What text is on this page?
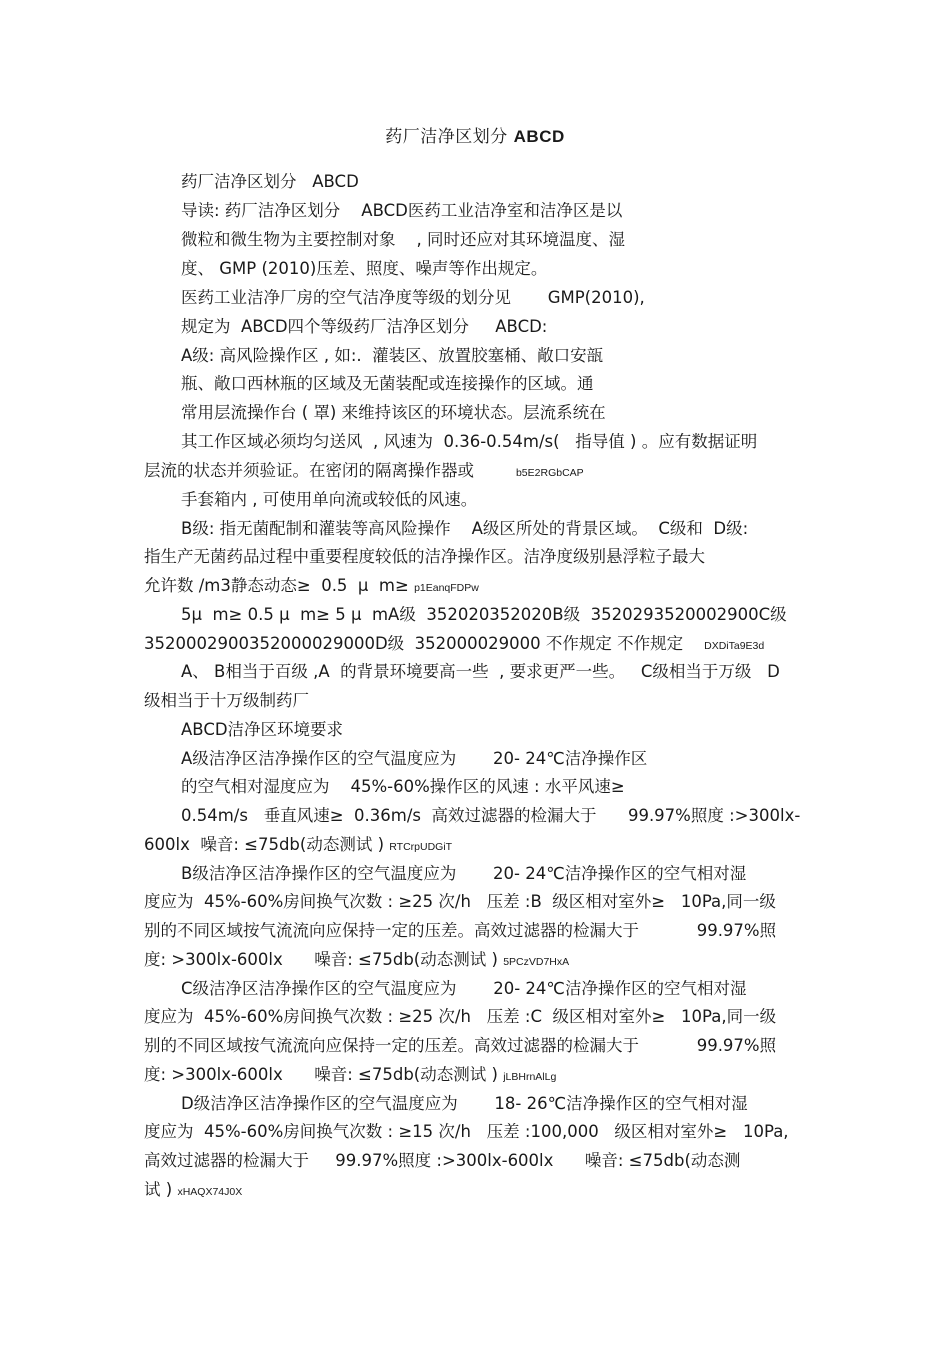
药厂洁净区划分 ABCD
药厂洁净区划分   ABCD
导读: 药厂洁净区划分    ABCD医药工业洁净室和洁净区是以
微粒和微生物为主要控制对象    , 同时还应对其环境温度、湿
度、 GMP (2010)压差、照度、噪声等作出规定。
医药工业洁净厂房的空气洁净度等级的划分见       GMP(2010),
规定为  ABCD四个等级药厂洁净区划分     ABCD:
A级: 高风险操作区 , 如:.  灌装区、放置胶塞桶、敞口安瓿
瓶、敞口西林瓶的区域及无菌装配或连接操作的区域。通
常用层流操作台 ( 罩) 来维持该区的环境状态。层流系统在
其工作区域必须均匀送风  , 风速为  0.36-0.54m/s(   指导值 ) 。应有数据证明
层流的状态并须验证。在密闭的隔离操作器或	b5E2RGbCAP
手套箱内 , 可使用单向流或较低的风速。
B级: 指无菌配制和灌装等高风险操作    A级区所处的背景区域。  C级和  D级:
指生产无菌药品过程中重要程度较低的洁净操作区。洁净度级别悬浮粒子最大
允许数 /m3静态动态≥  0.5  μ  m≥ p1EanqFDPw
5μ  m≥ 0.5 μ  m≥ 5 μ  mA级  352020352020B级  3520293520002900C级
3520002900352000029000D级  352000029000 不作规定 不作规定 DXDiTa9E3d
A、 B相当于百级 ,A  的背景环境要高一些  , 要求更严一些。   C级相当于万级   D
级相当于十万级制药厂
ABCD洁净区环境要求
A级洁净区洁净操作区的空气温度应为       20- 24℃洁净操作区
的空气相对湿度应为    45%-60%操作区的风速 : 水平风速≥
0.54m/s   垂直风速≥  0.36m/s  高效过滤器的检漏大于      99.97%照度 :>300lx-
600lx  噪音: ≤75db(动态测试 ) RTCrpUDGiT
B级洁净区洁净操作区的空气温度应为       20- 24℃洁净操作区的空气相对湿
度应为  45%-60%房间换气次数 : ≥25 次/h   压差 :B  级区相对室外≥   10Pa,同一级
别的不同区域按气流流向应保持一定的压差。高效过滤器的检漏大于           99.97%照
度: >300lx-600lx      噪音: ≤75db(动态测试 ) 5PCzVD7HxA
C级洁净区洁净操作区的空气温度应为       20- 24℃洁净操作区的空气相对湿
度应为  45%-60%房间换气次数 : ≥25 次/h   压差 :C  级区相对室外≥   10Pa,同一级
别的不同区域按气流流向应保持一定的压差。高效过滤器的检漏大于           99.97%照
度: >300lx-600lx      噪音: ≤75db(动态测试 ) jLBHrnAlLg
D级洁净区洁净操作区的空气温度应为       18- 26℃洁净操作区的空气相对湿
度应为  45%-60%房间换气次数 : ≥15 次/h   压差 :100,000   级区相对室外≥   10Pa,
高效过滤器的检漏大于     99.97%照度 :>300lx-600lx      噪音: ≤75db(动态测
试 ) xHAQX74J0X
